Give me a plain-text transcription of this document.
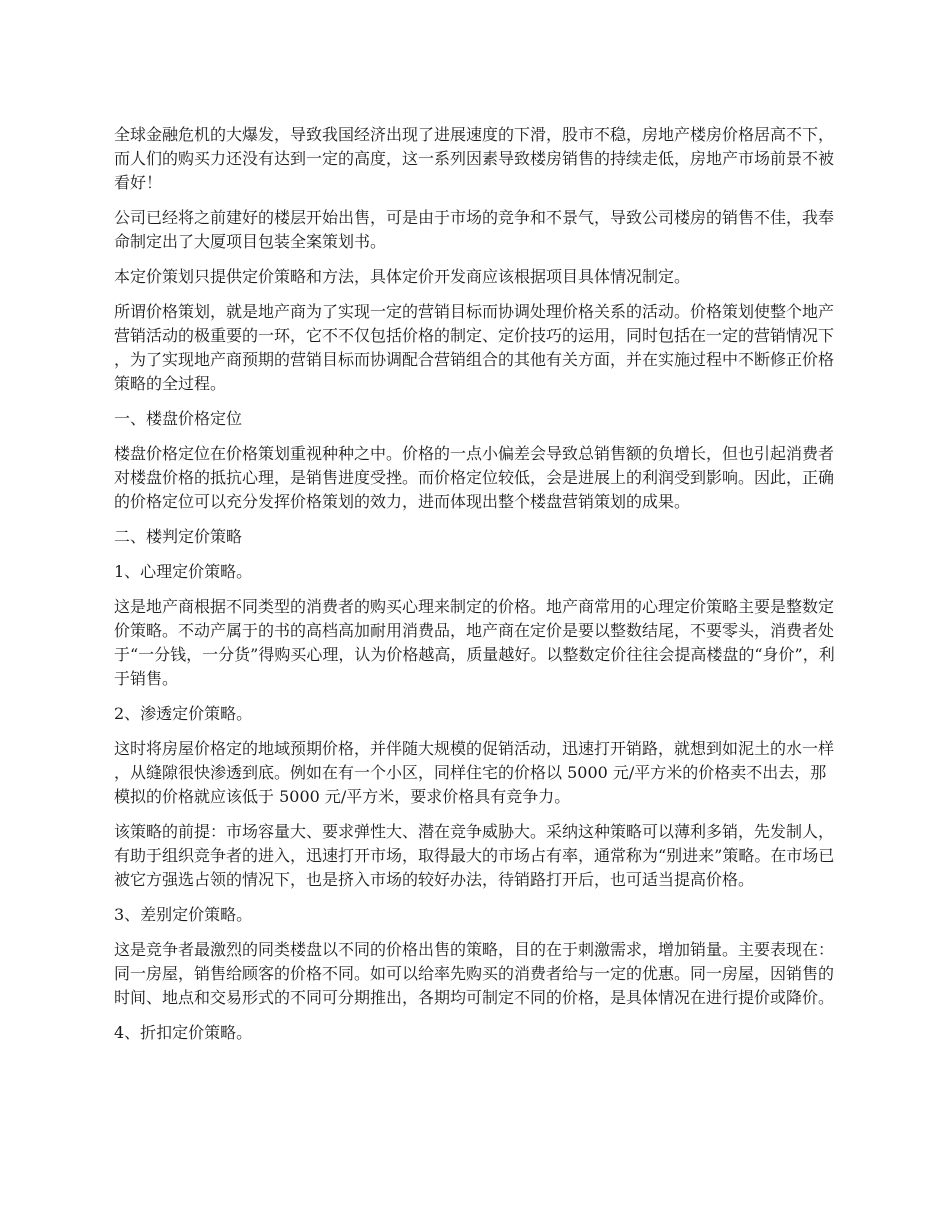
全球金融危机的大爆发，导致我国经济出现了进展速度的下滑，股市不稳，房地产楼房价格居高不下，而人们的购买力还没有达到一定的高度，这一系列因素导致楼房销售的持续走低，房地产市场前景不被看好！

公司已经将之前建好的楼层开始出售，可是由于市场的竞争和不景气，导致公司楼房的销售不佳，我奉命制定出了大厦项目包装全案策划书。

本定价策划只提供定价策略和方法，具体定价开发商应该根据项目具体情况制定。

所谓价格策划，就是地产商为了实现一定的营销目标而协调处理价格关系的活动。价格策划使整个地产营销活动的极重要的一环，它不不仅包括价格的制定、定价技巧的运用，同时包括在一定的营销情况下，为了实现地产商预期的营销目标而协调配合营销组合的其他有关方面，并在实施过程中不断修正价格策略的全过程。

一、楼盘价格定位

楼盘价格定位在价格策划重视种种之中。价格的一点小偏差会导致总销售额的负增长，但也引起消费者对楼盘价格的抵抗心理，是销售进度受挫。而价格定位较低，会是进展上的利润受到影响。因此，正确的价格定位可以充分发挥价格策划的效力，进而体现出整个楼盘营销策划的成果。

二、楼判定价策略

1、心理定价策略。

这是地产商根据不同类型的消费者的购买心理来制定的价格。地产商常用的心理定价策略主要是整数定价策略。不动产属于的书的高档高加耐用消费品，地产商在定价是要以整数结尾，不要零头，消费者处于“一分钱，一分货”得购买心理，认为价格越高，质量越好。以整数定价往往会提高楼盘的“身价”，利于销售。

2、渗透定价策略。

这时将房屋价格定的地域预期价格，并伴随大规模的促销活动，迅速打开销路，就想到如泥土的水一样，从缝隙很快渗透到底。例如在有一个小区，同样住宅的价格以 5000 元/平方米的价格卖不出去，那模拟的价格就应该低于 5000 元/平方米，要求价格具有竞争力。

该策略的前提：市场容量大、要求弹性大、潜在竞争威胁大。采纳这种策略可以薄利多销，先发制人，有助于组织竞争者的进入，迅速打开市场，取得最大的市场占有率，通常称为“别进来”策略。在市场已被它方强选占领的情况下，也是挤入市场的较好办法，待销路打开后，也可适当提高价格。

3、差别定价策略。

这是竞争者最激烈的同类楼盘以不同的价格出售的策略，目的在于刺激需求，增加销量。主要表现在：同一房屋，销售给顾客的价格不同。如可以给率先购买的消费者给与一定的优惠。同一房屋，因销售的时间、地点和交易形式的不同可分期推出，各期均可制定不同的价格，是具体情况在进行提价或降价。

4、折扣定价策略。
